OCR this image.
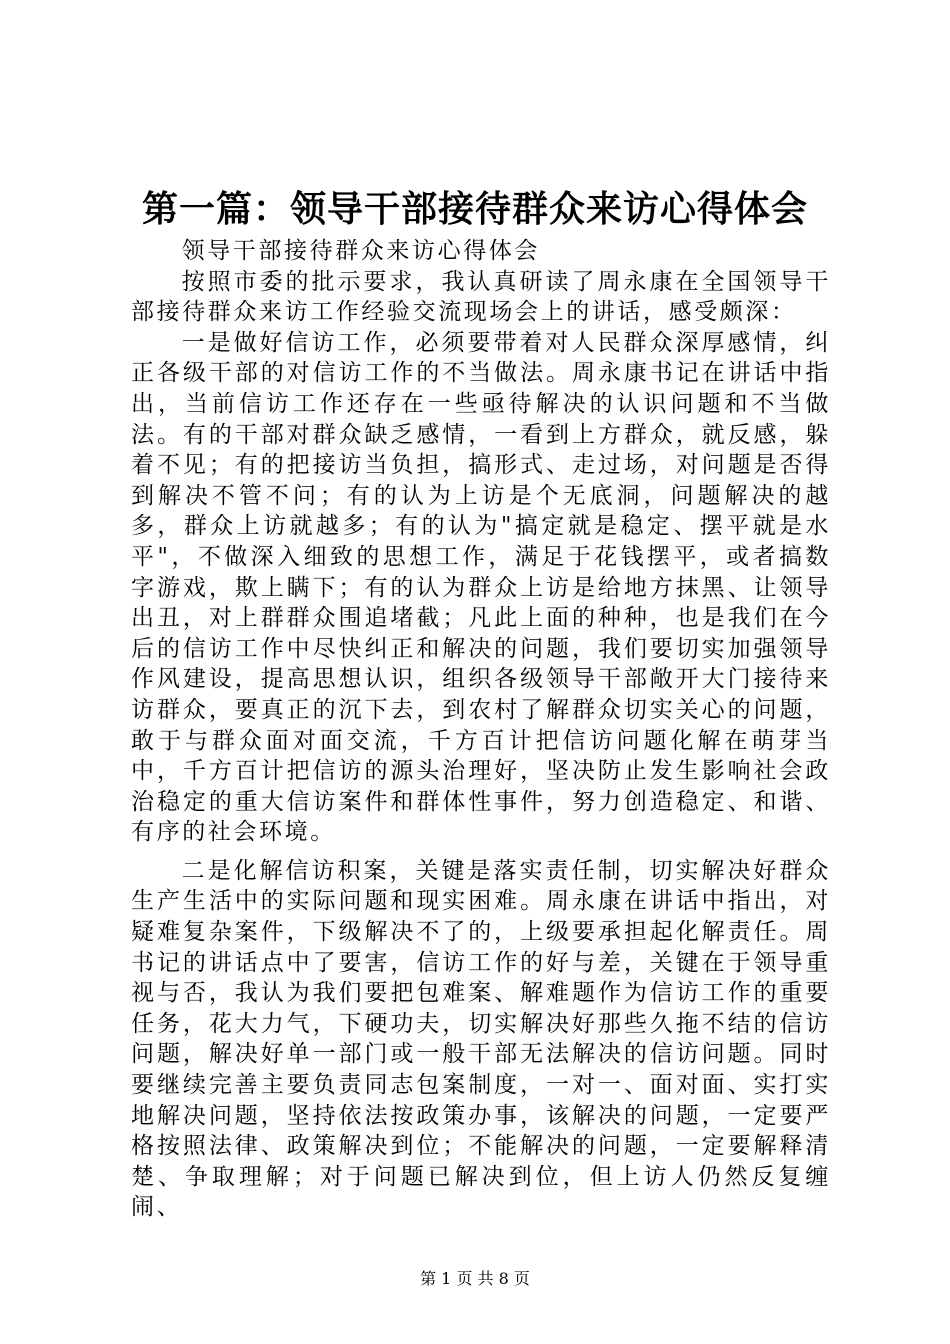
第一篇：领导干部接待群众来访心得体会

领导干部接待群众来访心得体会

按照市委的批示要求，我认真研读了周永康在全国领导干部接待群众来访工作经验交流现场会上的讲话，感受颇深：

一是做好信访工作，必须要带着对人民群众深厚感情，纠正各级干部的对信访工作的不当做法。周永康书记在讲话中指出，当前信访工作还存在一些亟待解决的认识问题和不当做法。有的干部对群众缺乏感情，一看到上方群众，就反感，躲着不见；有的把接访当负担，搞形式、走过场，对问题是否得到解决不管不问；有的认为上访是个无底洞，问题解决的越多，群众上访就越多；有的认为"搞定就是稳定、摆平就是水平"，不做深入细致的思想工作，满足于花钱摆平，或者搞数字游戏，欺上瞒下；有的认为群众上访是给地方抹黑、让领导出丑，对上群群众围追堵截；凡此上面的种种，也是我们在今后的信访工作中尽快纠正和解决的问题，我们要切实加强领导作风建设，提高思想认识，组织各级领导干部敞开大门接待来访群众，要真正的沉下去，到农村了解群众切实关心的问题，敢于与群众面对面交流，千方百计把信访问题化解在萌芽当中，千方百计把信访的源头治理好，坚决防止发生影响社会政治稳定的重大信访案件和群体性事件，努力创造稳定、和谐、有序的社会环境。

二是化解信访积案，关键是落实责任制，切实解决好群众生产生活中的实际问题和现实困难。周永康在讲话中指出，对疑难复杂案件，下级解决不了的，上级要承担起化解责任。周书记的讲话点中了要害，信访工作的好与差，关键在于领导重视与否，我认为我们要把包难案、解难题作为信访工作的重要任务，花大力气，下硬功夫，切实解决好那些久拖不结的信访问题，解决好单一部门或一般干部无法解决的信访问题。同时要继续完善主要负责同志包案制度，一对一、面对面、实打实地解决问题，坚持依法按政策办事，该解决的问题，一定要严格按照法律、政策解决到位；不能解决的问题，一定要解释清楚、争取理解；对于问题已解决到位，但上访人仍然反复缠闹、

第 1 页 共 8 页
